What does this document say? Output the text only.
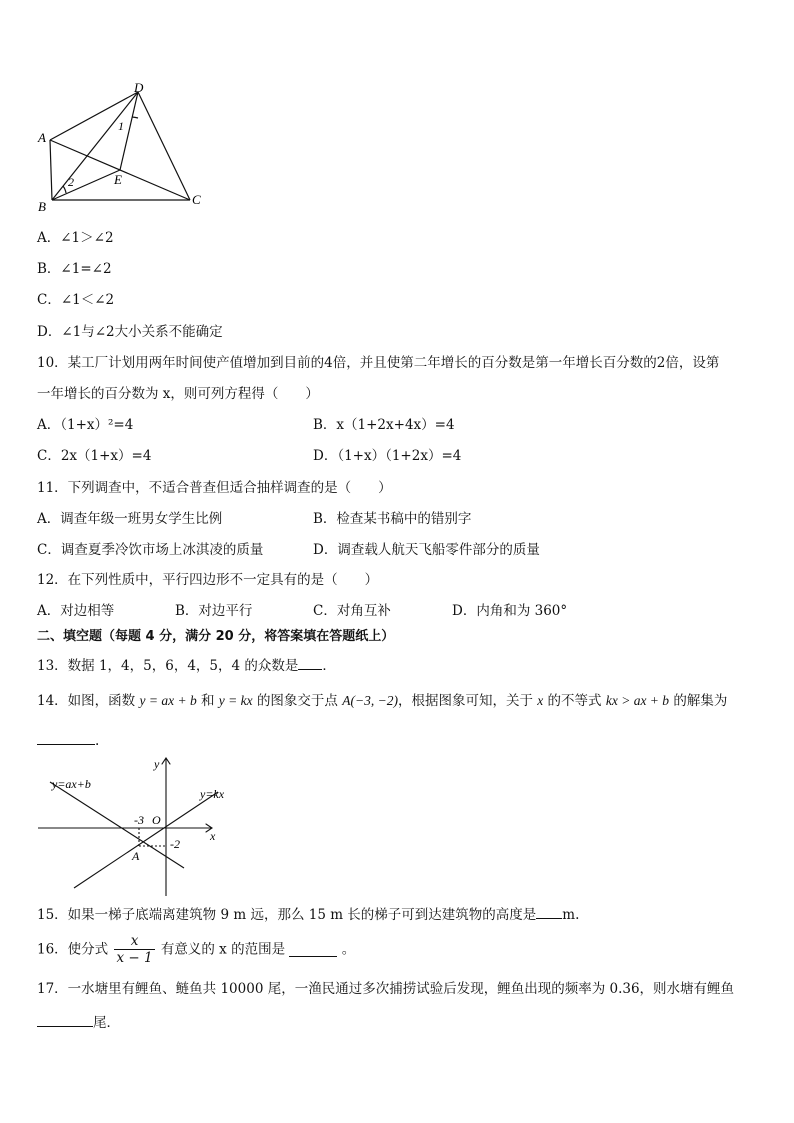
D
A
B	C
E
1
2
A．∠1＞∠2
B．∠1=∠2
C．∠1＜∠2
D．∠1与∠2大小关系不能确定
10．某工厂计划用两年时间使产值增加到目前的4倍，并且使第二年增长的百分数是第一年增长百分数的2倍，设第
一年增长的百分数为 x，则可列方程得（　　）
A．（1+x）²=4	B．x（1+2x+4x）=4
C．2x（1+x）=4	D．（1+x）（1+2x）=4
11．下列调查中，不适合普查但适合抽样调查的是（　　）
A．调查年级一班男女学生比例	B．检查某书稿中的错别字
C．调查夏季冷饮市场上冰淇凌的质量	D．调查载人航天飞船零件部分的质量
12．在下列性质中，平行四边形不一定具有的是（　　）
A．对边相等	B．对边平行	C．对角互补	D．内角和为 360°
二、填空题（每题 4 分，满分 20 分，将答案填在答题纸上）
13．数据 1，4，5，6，4，5，4 的众数是 ．
14．如图，函数 y = ax + b 和 y = kx 的图象交于点 A(−3, −2)，根据图象可知，关于 x 的不等式 kx > ax + b 的解集为
.
y=ax+b
y=kx
y
x
O
-3
-2
A
15．如果一梯子底端离建筑物 9 m 远，那么 15 m 长的梯子可到达建筑物的高度是 m.
16．使分式 $\frac{x}{x - 1}$ 有意义的 x 的范围是	。
17．一水塘里有鲤鱼、鲢鱼共 10000 尾，一渔民通过多次捕捞试验后发现，鲤鱼出现的频率为 0.36，则水塘有鲤鱼
尾．
